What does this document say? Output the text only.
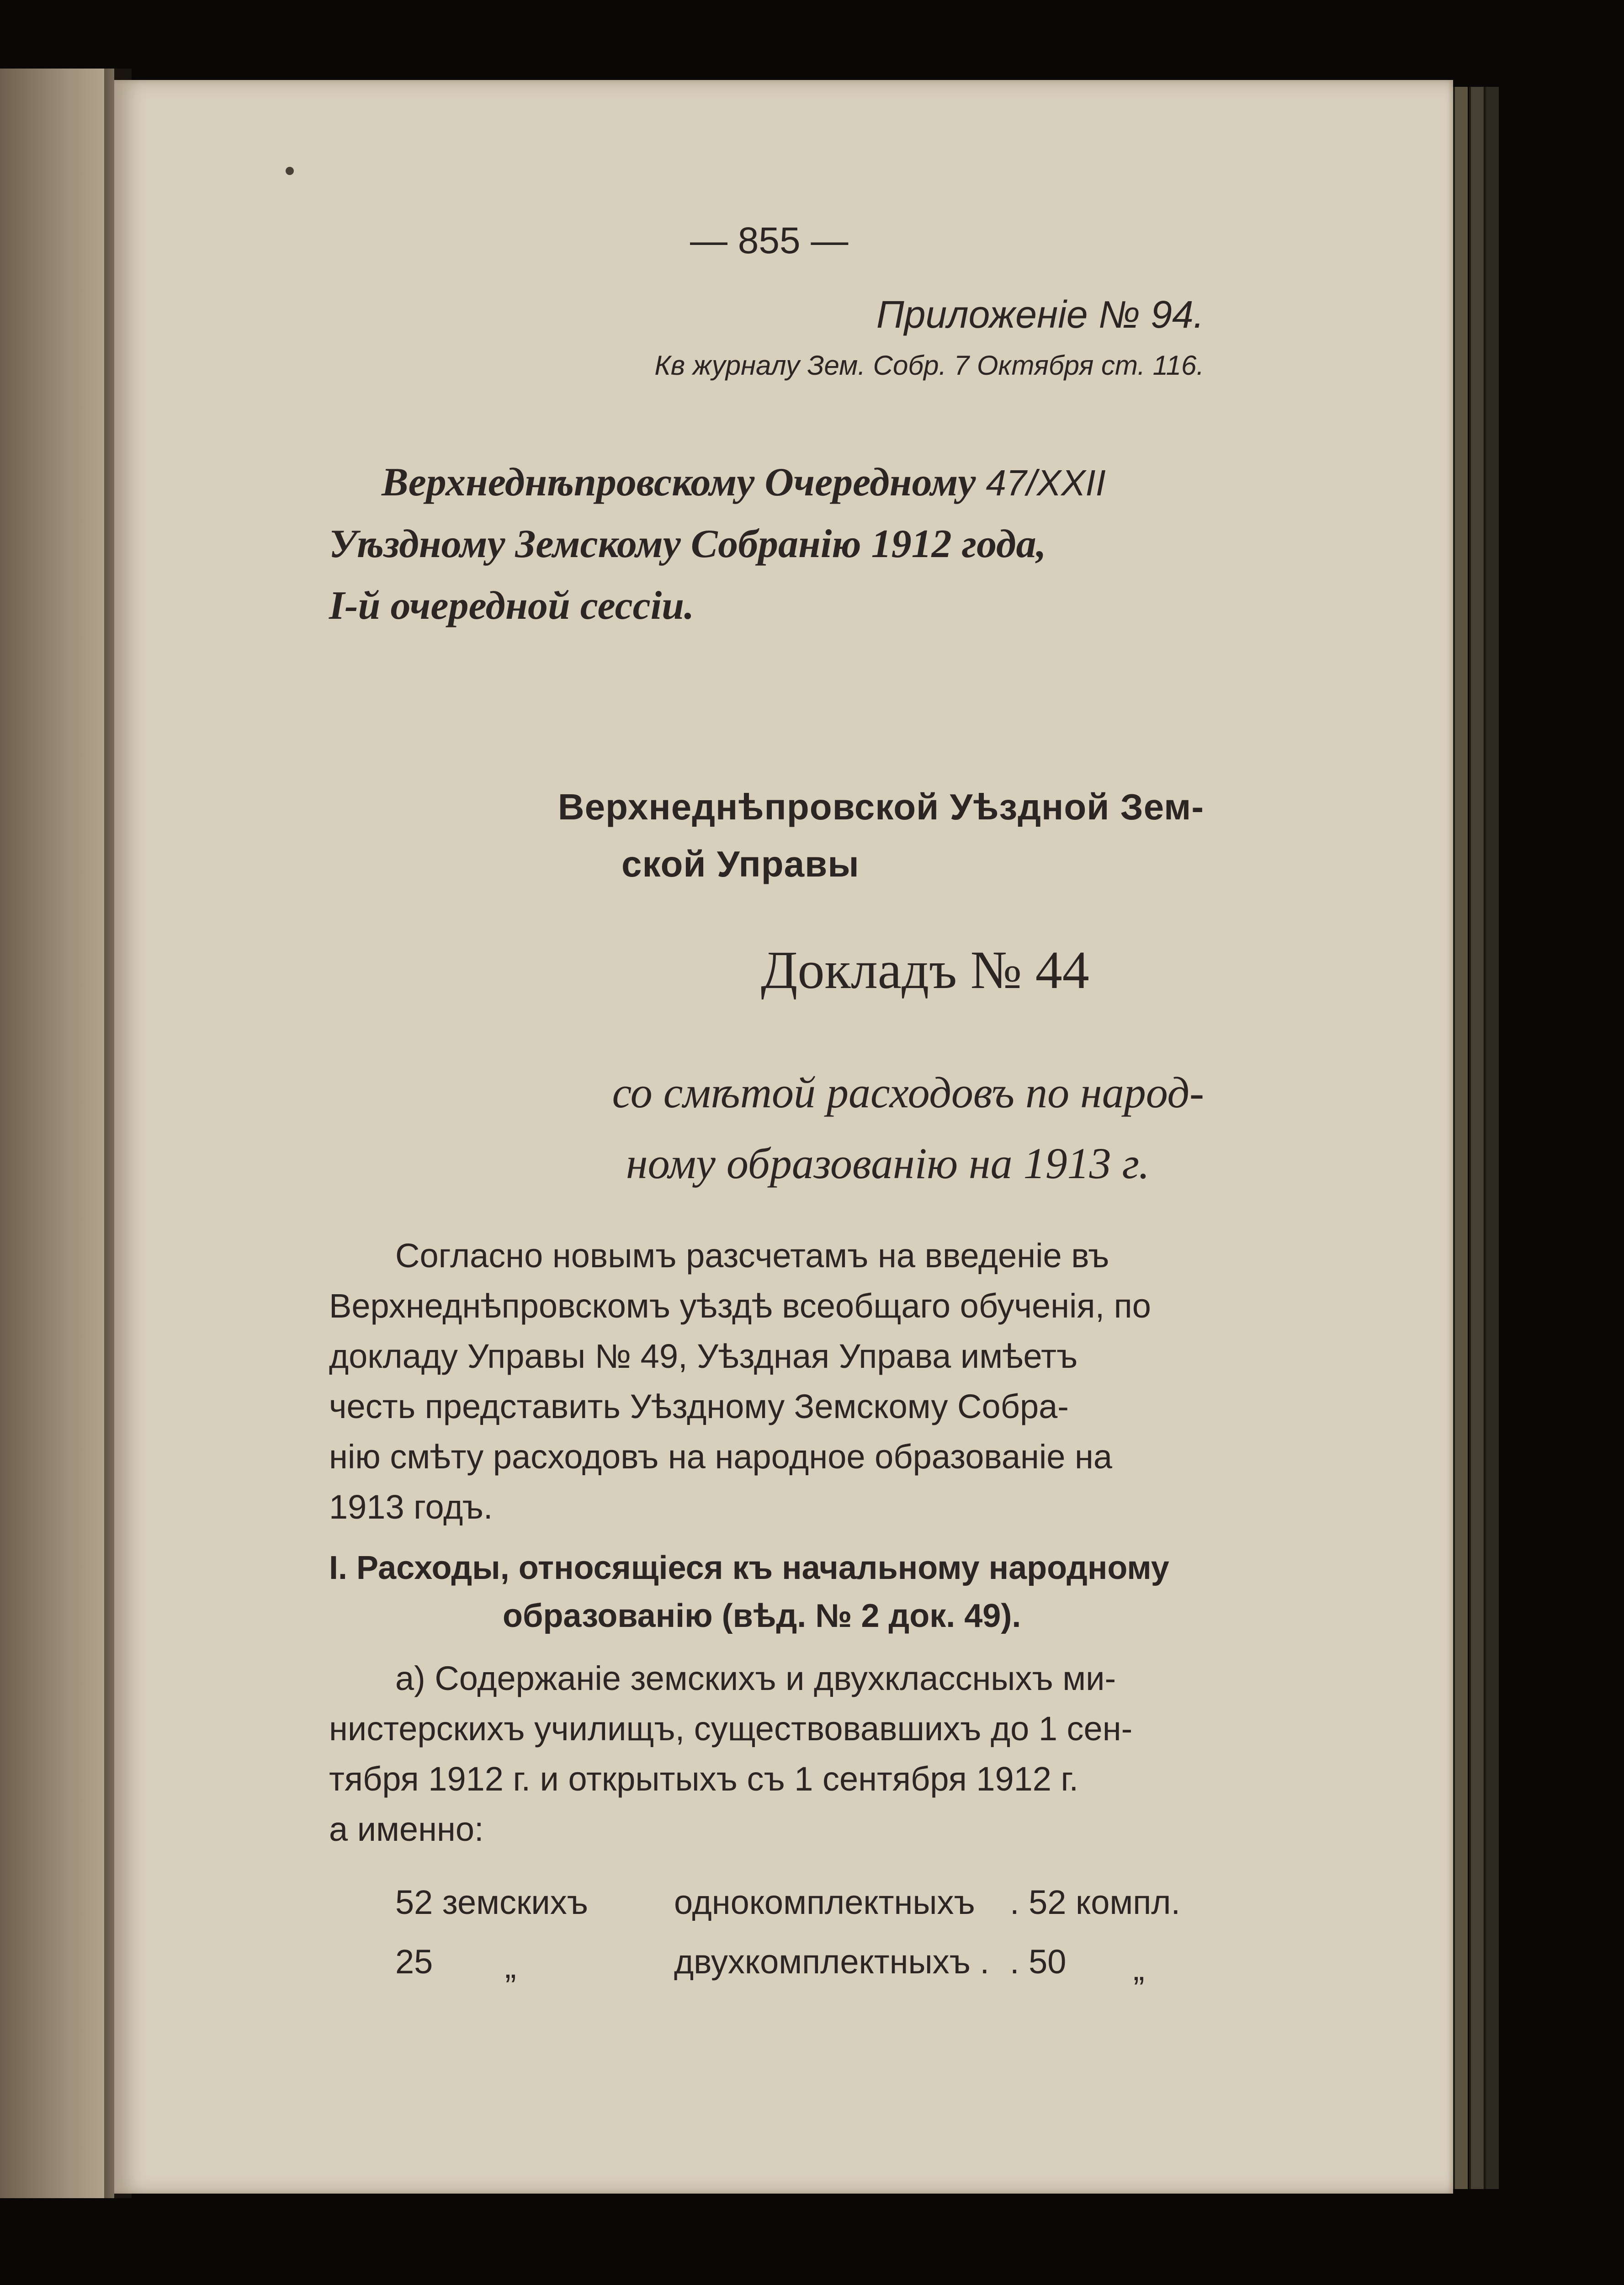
— 855 —
Приложенiе № 94.
Кв журналу Зем. Собр. 7 Октября ст. 116.
Верхнеднѣпровскому Очередному 47/XXII
Уѣздному Земскому Собранiю 1912 года,
I-й очередной сессiи.
Верхнеднѣпровской Уѣздной Зем-
ской Управы
Докладъ № 44
со смѣтой расходовъ по народ-
ному образованiю на 1913 г.
Согласно новымъ разсчетамъ на введенiе въ
Верхнеднѣпровскомъ уѣздѣ всеобщаго обученiя, по
докладу Управы № 49, Уѣздная Управа имѣетъ
честь представить Уѣздному Земскому Собра-
нiю смѣту расходовъ на народное образованiе на
1913 годъ.
I. Расходы, относящiеся къ начальному народному
образованiю (вѣд. № 2 док. 49).
а) Содержанiе земскихъ и двухклассныхъ ми-
нистерскихъ училищъ, существовавшихъ до 1 сен-
тября 1912 г. и открытыхъ съ 1 сентября 1912 г.
а именно:
52 земскихъ	однокомплектныхъ . 52 компл.
25 „	двухкомплектныхъ . . 50 „
